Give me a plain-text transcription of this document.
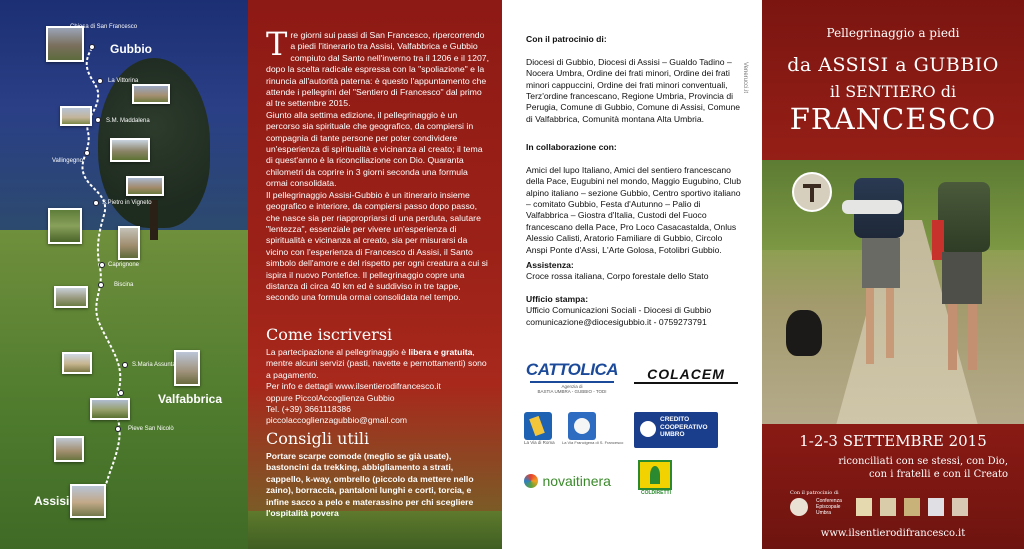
Chiesa di San Francesco
Gubbio
La Vittorina
S.M. Maddalena
Vallingegno
S.Pietro in Vigneto
Caprignone
Biscina
S.Maria Assunta
Valfabbrica
Pieve San Nicolò
Assisi
T re giorni sui passi di San Francesco, ripercorrendo a piedi l'itinerario tra Assisi, Valfabbrica e Gubbio compiuto dal Santo nell'inverno tra il 1206 e il 1207, dopo la scelta radicale espressa con la "spoliazione" e la rinuncia all'autorità paterna: è questo l'appuntamento che attende i pellegrini del "Sentiero di Francesco" dal primo al tre settembre 2015.
Giunto alla settima edizione, il pellegrinaggio è un percorso sia spirituale che geografico, da compiersi in compagnia di tante persone per poter condividere un'esperienza di spiritualità e vicinanza al creato; il tema di quest'anno è la riconciliazione con Dio. Quaranta chilometri da coprire in 3 giorni seconda una formula ormai consolidata.
Il pellegrinaggio Assisi-Gubbio è un itinerario insieme geografico e interiore, da compiersi passo dopo passo, che nasce sia per riappropriarsi di una perduta, salutare "lentezza", essenziale per vivere un'esperienza di spiritualità e vicinanza al creato, sia per misurarsi da vicino con l'esperienza di Francesco di Assisi, il Santo simbolo dell'amore e del rispetto per ogni creatura a cui si ispira il nuovo Pontefice. Il pellegrinaggio copre una distanza di circa 40 km ed è suddiviso in tre tappe, secondo una formula ormai consolidata nel tempo.
Come iscriversi
La partecipazione al pellegrinaggio è libera e gratuita, mentre alcuni servizi (pasti, navette e pernottamenti) sono a pagamento.
Per info e dettagli www.ilsentierodifrancesco.it
oppure PiccolAccoglienza Gubbio
Tel. (+39) 3661118386
piccolaccoglienzagubbio@gmail.com
Consigli utili
Portare scarpe comode (meglio se già usate), bastoncini da trekking, abbigliamento a strati, cappello, k-way, ombrello (piccolo da mettere nello zaino), borraccia, pantaloni lunghi e corti, torcia, e infine sacco a pelo e materassino per chi scegliere l'ospitalità povera
Venerucci.it
Con il patrocinio di:

Diocesi di Gubbio, Diocesi di Assisi – Gualdo Tadino – Nocera Umbra, Ordine dei frati minori, Ordine dei frati minori cappuccini, Ordine dei frati minori conventuali, Terz'ordine francescano, Regione Umbria, Provincia di Perugia, Comune di Gubbio, Comune di Assisi, Comune di Valfabbrica, Comunità montana Alta Umbria.
In collaborazione con:

Amici del lupo Italiano, Amici del sentiero francescano della Pace, Eugubini nel mondo, Maggio Eugubino, Club alpino italiano – sezione Gubbio, Centro sportivo italiano – comitato Gubbio, Festa d'Autunno – Palio di Valfabbrica – Giostra d'Italia, Custodi del Fuoco francescano della Pace, Pro Loco Casacastalda, Onlus Alessio Calisti, Aratorio Familiare di Gubbio, Circolo Anspi Ponte d'Assi, L'Arte Golosa, Fotolibri Gubbio.
Assistenza:
Croce rossa italiana, Corpo forestale dello Stato
Ufficio stampa:
Ufficio Comunicazioni Sociali - Diocesi di Gubbio
comunicazione@diocesigubbio.it - 0759273791
CATTOLICA
Agenzia di
BASTIA UMBRA - GUBBIO - TODI
COLACEM
La Via di Roma La Via Francigena di S. Francesco
CREDITO
COOPERATIVO
UMBRO
novaitinera
COLDIRETTI
Pellegrinaggio a piedi
da ASSISI a GUBBIO
il SENTIERO di
FRANCESCO
1-2-3 SETTEMBRE 2015
riconciliati con se stessi, con Dio,
con i fratelli e con il Creato
Con il patrocinio di
Conferenza Episcopale Umbra
www.ilsentierodifrancesco.it
